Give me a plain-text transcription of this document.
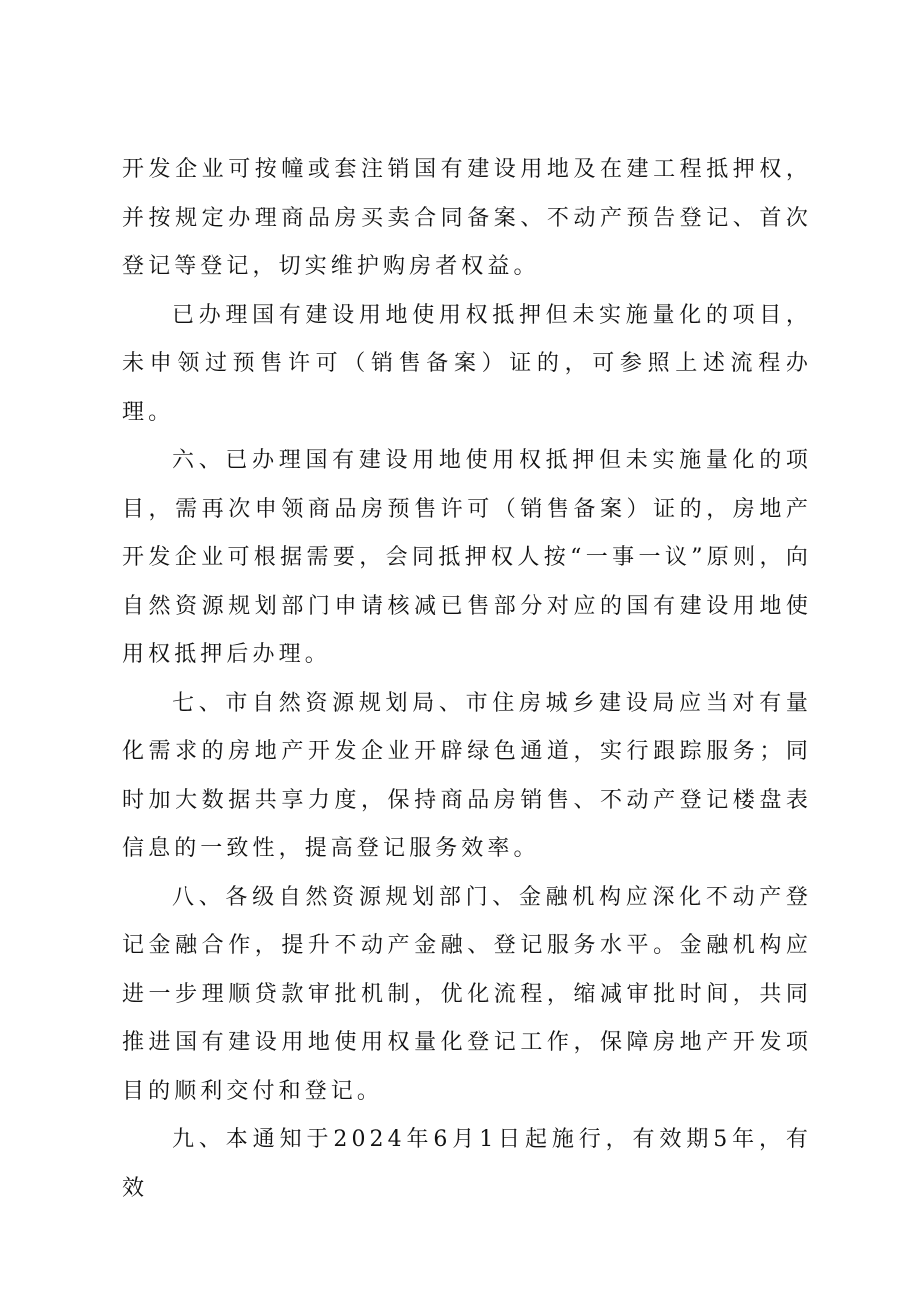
开发企业可按幢或套注销国有建设用地及在建工程抵押权，并按规定办理商品房买卖合同备案、不动产预告登记、首次登记等登记，切实维护购房者权益。

已办理国有建设用地使用权抵押但未实施量化的项目，未申领过预售许可（销售备案）证的，可参照上述流程办理。

六、已办理国有建设用地使用权抵押但未实施量化的项目，需再次申领商品房预售许可（销售备案）证的，房地产开发企业可根据需要，会同抵押权人按“一事一议”原则，向自然资源规划部门申请核减已售部分对应的国有建设用地使用权抵押后办理。

七、市自然资源规划局、市住房城乡建设局应当对有量化需求的房地产开发企业开辟绿色通道，实行跟踪服务；同时加大数据共享力度，保持商品房销售、不动产登记楼盘表信息的一致性，提高登记服务效率。

八、各级自然资源规划部门、金融机构应深化不动产登记金融合作，提升不动产金融、登记服务水平。金融机构应进一步理顺贷款审批机制，优化流程，缩减审批时间，共同推进国有建设用地使用权量化登记工作，保障房地产开发项目的顺利交付和登记。

九、本通知于2024年6月1日起施行，有效期5年，有效
